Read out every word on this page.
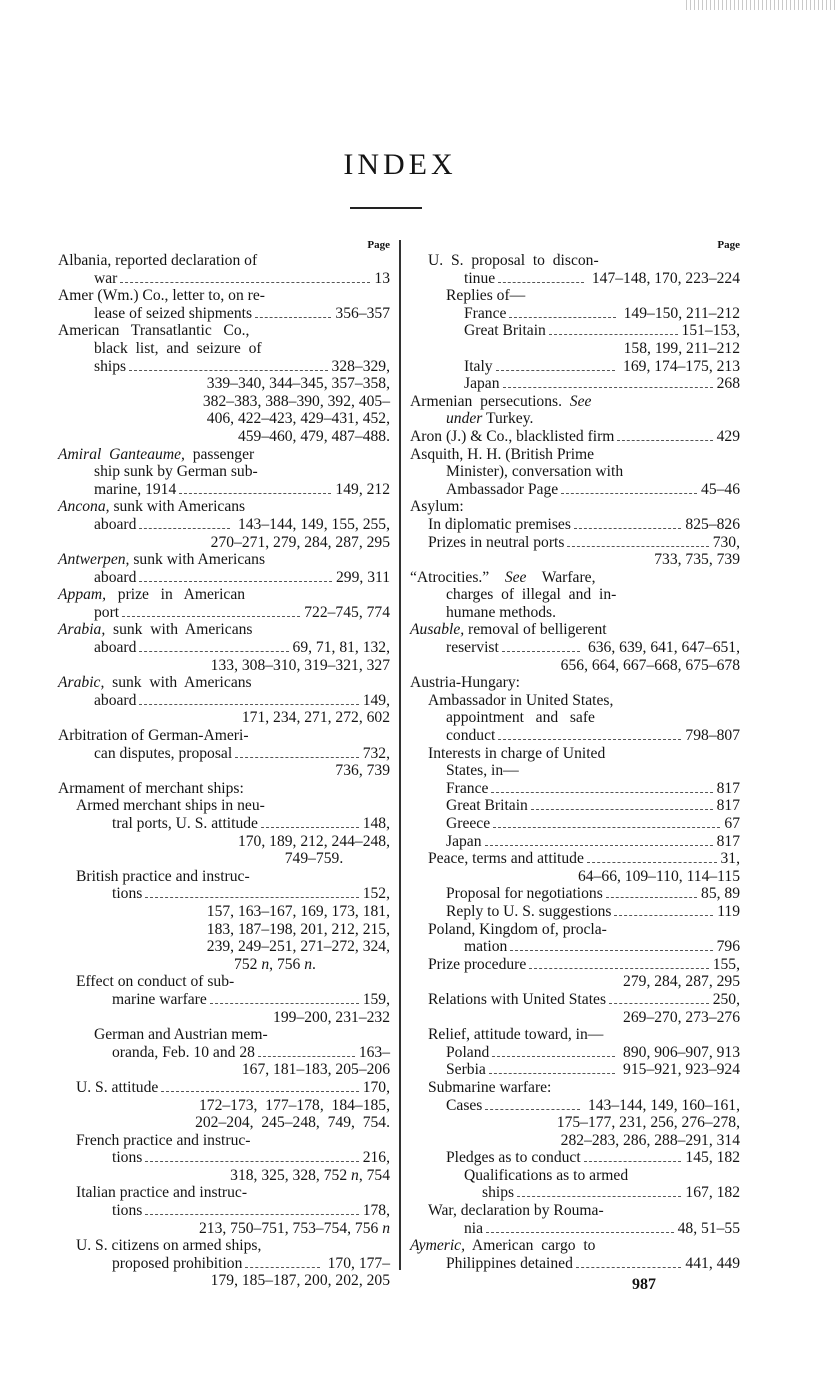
INDEX
Page
Albania, reported declaration of
war	13
Amer (Wm.) Co., letter to, on re-
lease of seized shipments	356–357
American   Transatlantic   Co.,
black  list,  and  seizure  of
ships	328–329,
339–340, 344–345, 357–358,
382–383, 388–390, 392, 405–
406, 422–423, 429–431, 452,
459–460, 479, 487–488.
Amiral  Ganteaume,  passenger
ship sunk by German sub-
marine, 1914	149, 212
Ancona, sunk with Americans
aboard	143–144, 149, 155, 255,
270–271, 279, 284, 287, 295
Antwerpen, sunk with Americans
aboard	299, 311
Appam,   prize   in   American
port	722–745, 774
Arabia,  sunk  with  Americans
aboard	69, 71, 81, 132,
133, 308–310, 319–321, 327
Arabic,  sunk  with  Americans
aboard	149,
171, 234, 271, 272, 602
Arbitration of German-Ameri-
can disputes, proposal	732,
736, 739
Armament of merchant ships:
Armed merchant ships in neu-
tral ports, U. S. attitude	148,
170, 189, 212, 244–248,
749–759.
British practice and instruc-
tions	152,
157, 163–167, 169, 173, 181,
183, 187–198, 201, 212, 215,
239, 249–251, 271–272, 324,
752 n, 756 n.
Effect on conduct of sub-
marine warfare	159,
199–200, 231–232
German and Austrian mem-
oranda, Feb. 10 and 28	163–
167, 181–183, 205–206
U. S. attitude	170,
172–173,  177–178,  184–185,
202–204,  245–248,  749,  754.
French practice and instruc-
tions	216,
318, 325, 328, 752 n, 754
Italian practice and instruc-
tions	178,
213, 750–751, 753–754, 756 n
U. S. citizens on armed ships,
proposed prohibition	170, 177–
179, 185–187, 200, 202, 205
Page
U.  S.  proposal  to  discon-
tinue	147–148, 170, 223–224
Replies of—
France	149–150, 211–212
Great Britain	151–153,
158, 199, 211–212
Italy	169, 174–175, 213
Japan	268
Armenian  persecutions.  See
under Turkey.
Aron (J.) & Co., blacklisted firm	429
Asquith, H. H. (British Prime
Minister), conversation with
Ambassador Page	45–46
Asylum:
In diplomatic premises	825–826
Prizes in neutral ports	730,
733, 735, 739
“Atrocities.”    See    Warfare,
charges  of  illegal  and  in-
humane methods.
Ausable, removal of belligerent
reservist	636, 639, 641, 647–651,
656, 664, 667–668, 675–678
Austria-Hungary:
Ambassador in United States,
appointment   and   safe
conduct	798–807
Interests in charge of United
States, in—
France	817
Great Britain	817
Greece	67
Japan	817
Peace, terms and attitude	31,
64–66, 109–110, 114–115
Proposal for negotiations	85, 89
Reply to U. S. suggestions	119
Poland, Kingdom of, procla-
mation	796
Prize procedure	155,
279, 284, 287, 295
Relations with United States	250,
269–270, 273–276
Relief, attitude toward, in—
Poland	890, 906–907, 913
Serbia	915–921, 923–924
Submarine warfare:
Cases	143–144, 149, 160–161,
175–177, 231, 256, 276–278,
282–283, 286, 288–291, 314
Pledges as to conduct	145, 182
Qualifications as to armed
ships	167, 182
War, declaration by Rouma-
nia	48, 51–55
Aymeric,  American  cargo  to
Philippines detained	441, 449
987
